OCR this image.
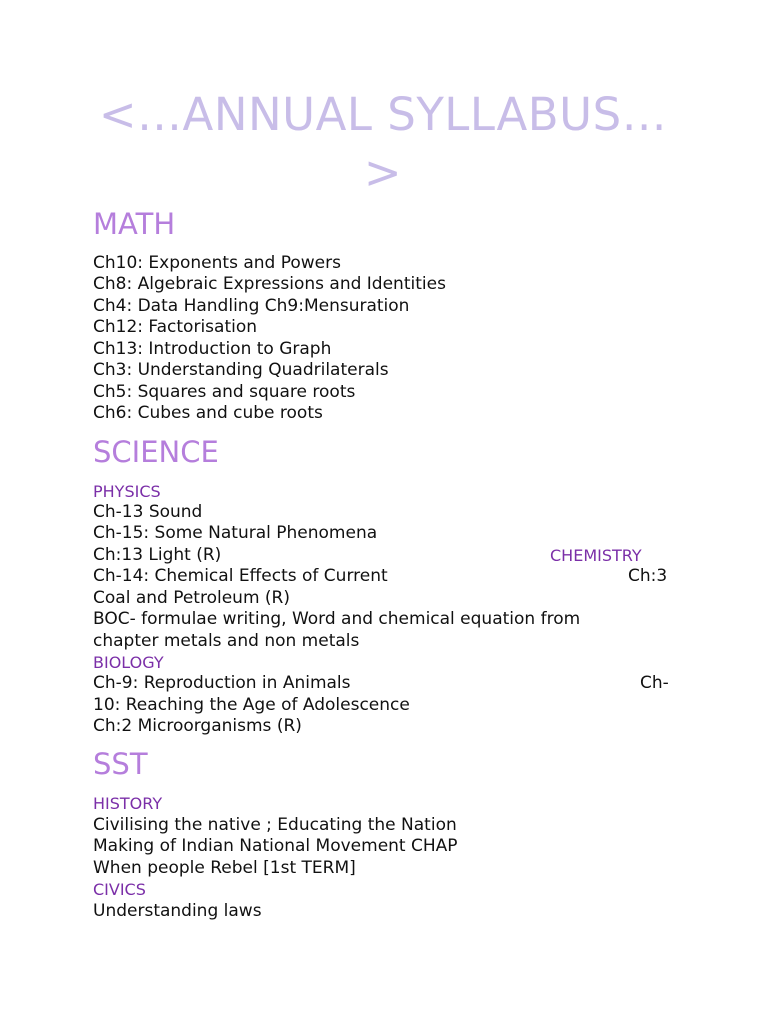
<…ANNUAL SYLLABUS…
>
MATH
Ch10: Exponents and Powers
Ch8: Algebraic Expressions and Identities
Ch4: Data Handling Ch9:Mensuration
Ch12: Factorisation
Ch13: Introduction to Graph
Ch3: Understanding Quadrilaterals
Ch5: Squares and square roots
Ch6: Cubes and cube roots
SCIENCE
PHYSICS
Ch-13 Sound
Ch-15: Some Natural Phenomena
Ch:13 Light (R)	CHEMISTRY
Ch-14: Chemical Effects of Current	Ch:3
Coal and Petroleum (R)
BOC- formulae writing, Word and chemical equation from
chapter metals and non metals
BIOLOGY
Ch-9: Reproduction in Animals	Ch-
10: Reaching the Age of Adolescence
Ch:2 Microorganisms (R)
SST
HISTORY
Civilising the native ; Educating the Nation
Making of Indian National Movement CHAP
When people Rebel [1st TERM]
CIVICS
Understanding laws
